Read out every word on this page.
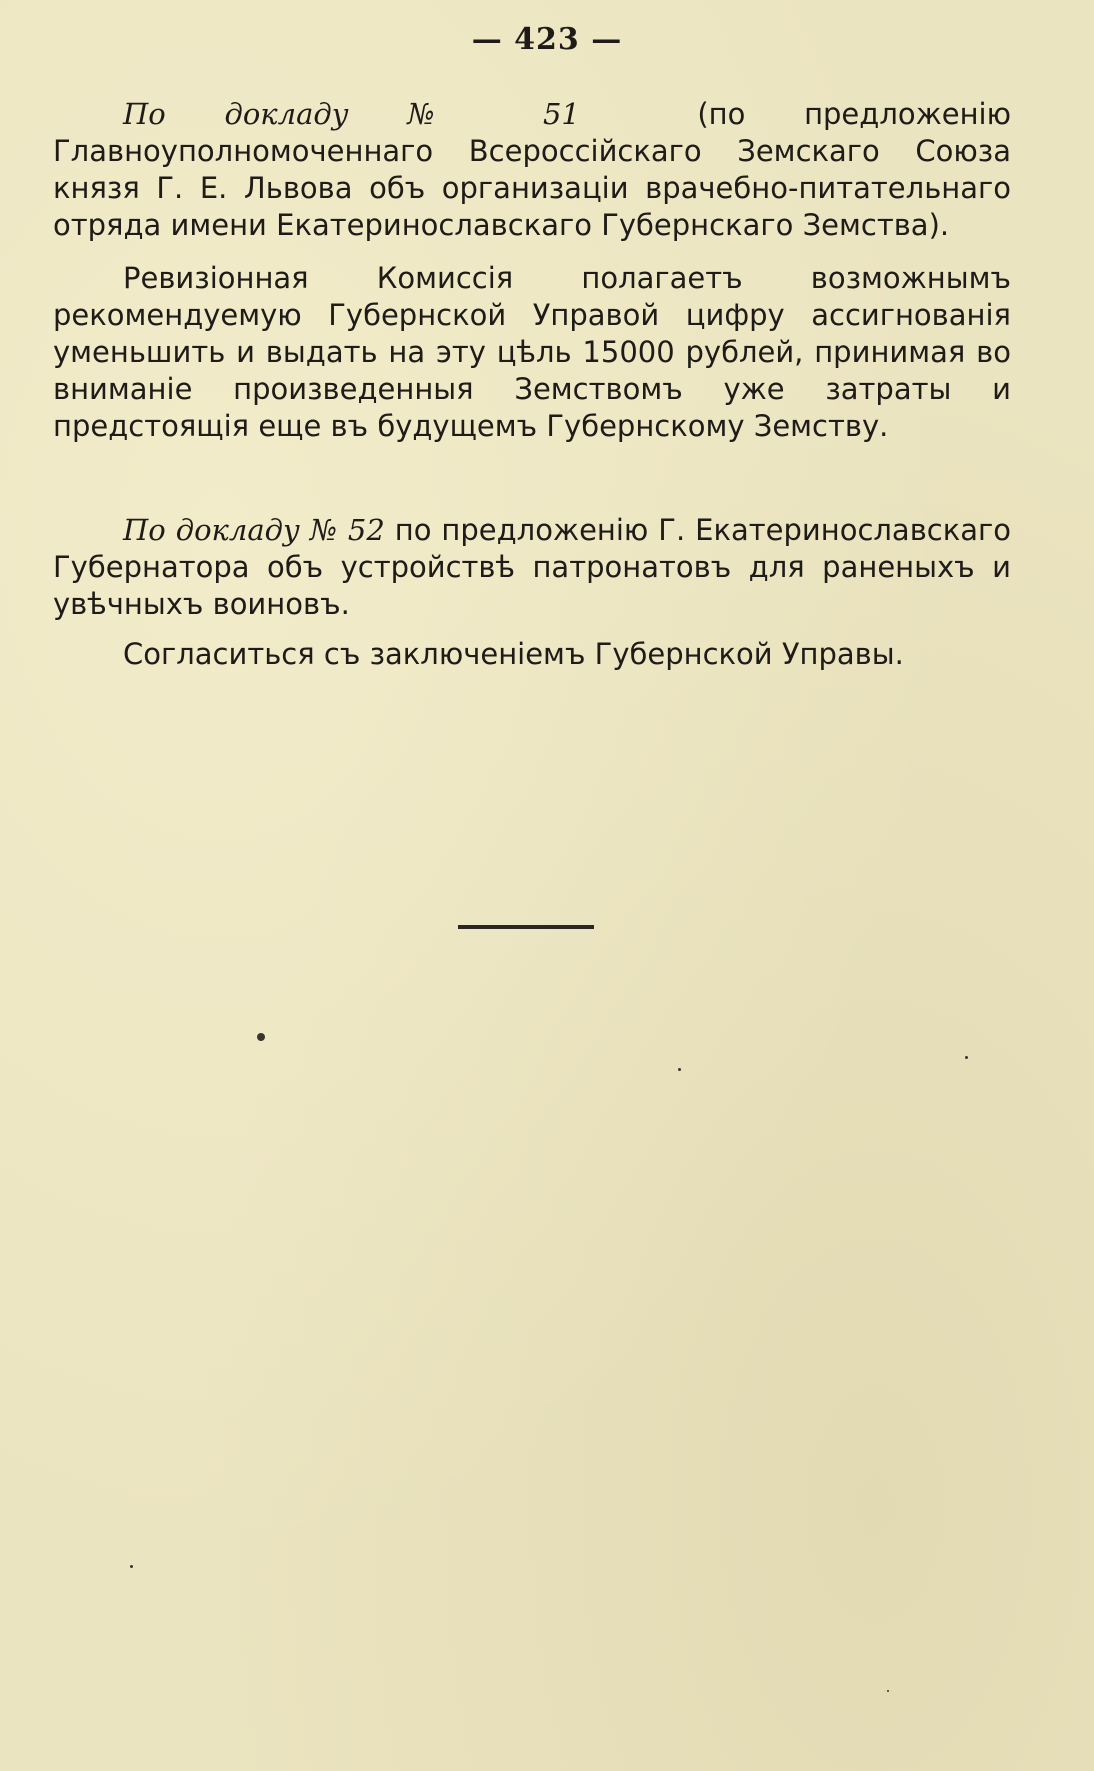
— 423 —

По докладу № 51	(по предложенію Главноуполномоченнаго Всероссійскаго Земскаго Союза князя Г. Е. Львова объ организаціи врачебно-питательнаго отряда имени Екатеринославскаго Губернскаго Земства).

Ревизіонная Комиссія полагаетъ возможнымъ рекомендуемую Губернской Управой цифру ассигнованія уменьшить и выдать на эту цѣль 15000 рублей, принимая во вниманіе произведенныя Земствомъ уже затраты и предстоящія еще въ будущемъ Губернскому Земству.

По докладу № 52 по предложенію Г. Екатеринославскаго Губернатора объ устройствѣ патронатовъ для раненыхъ и увѣчныхъ воиновъ.

Согласиться съ заключеніемъ Губернской Управы.
